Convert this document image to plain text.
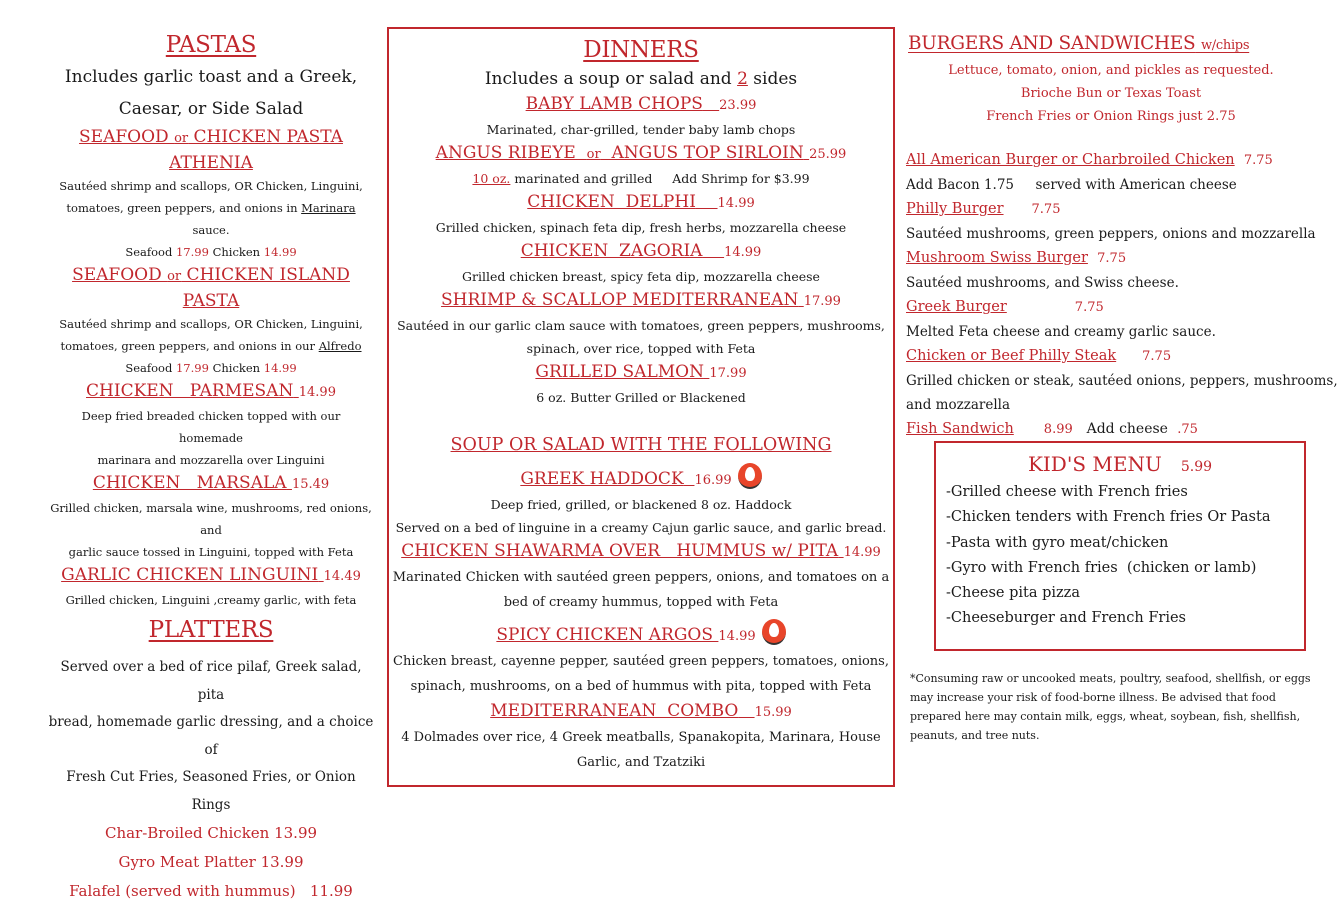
PASTAS
Includes garlic toast and a Greek,
Caesar, or Side Salad
SEAFOOD or CHICKEN PASTA
ATHENIA
Sautéed shrimp and scallops, OR Chicken, Linguini,
tomatoes, green peppers, and onions in Marinara sauce.
Seafood 17.99 Chicken 14.99
SEAFOOD or CHICKEN ISLAND
PASTA
Sautéed shrimp and scallops, OR Chicken, Linguini,
tomatoes, green peppers, and onions in our Alfredo
Seafood 17.99 Chicken 14.99
CHICKEN   PARMESAN 14.99
Deep fried breaded chicken topped with our homemade
marinara and mozzarella over Linguini
CHICKEN   MARSALA 15.49
Grilled chicken, marsala wine, mushrooms, red onions, and
garlic sauce tossed in Linguini, topped with Feta
GARLIC CHICKEN LINGUINI 14.49
Grilled chicken, Linguini ,creamy garlic, with feta
PLATTERS
Served over a bed of rice pilaf, Greek salad, pita
bread, homemade garlic dressing, and a choice of
Fresh Cut Fries, Seasoned Fries, or Onion Rings
Char-Broiled Chicken 13.99
Gyro Meat Platter 13.99
Falafel (served with hummus)   11.99
DINNERS
Includes a soup or salad and 2 sides
BABY LAMB CHOPS 23.99
Marinated, char-grilled, tender baby lamb chops
ANGUS RIBEYE  or  ANGUS TOP SIRLOIN 25.99
10 oz. marinated and grilled     Add Shrimp for $3.99
CHICKEN  DELPHI 14.99
Grilled chicken, spinach feta dip, fresh herbs, mozzarella cheese
CHICKEN  ZAGORIA 14.99
Grilled chicken breast, spicy feta dip, mozzarella cheese
SHRIMP & SCALLOP MEDITERRANEAN 17.99
Sautéed in our garlic clam sauce with tomatoes, green peppers, mushrooms,
spinach, over rice, topped with Feta
GRILLED SALMON 17.99
6 oz. Butter Grilled or Blackened
SOUP OR SALAD WITH THE FOLLOWING
GREEK HADDOCK 16.99
Deep fried, grilled, or blackened 8 oz. Haddock
Served on a bed of linguine in a creamy Cajun garlic sauce, and garlic bread.
CHICKEN SHAWARMA OVER   HUMMUS w/ PITA 14.99
Marinated Chicken with sautéed green peppers, onions, and tomatoes on a
bed of creamy hummus, topped with Feta
SPICY CHICKEN ARGOS 14.99
Chicken breast, cayenne pepper, sautéed green peppers, tomatoes, onions,
spinach, mushrooms, on a bed of hummus with pita, topped with Feta
MEDITERRANEAN  COMBO 15.99
4 Dolmades over rice, 4 Greek meatballs, Spanakopita, Marinara, House
Garlic, and Tzatziki
BURGERS AND SANDWICHES w/chips
Lettuce, tomato, onion, and pickles as requested.
Brioche Bun or Texas Toast
French Fries or Onion Rings just 2.75
All American Burger or Charbroiled Chicken 7.75
Add Bacon 1.75     served with American cheese
Philly Burger 7.75
Sautéed mushrooms, green peppers, onions and mozzarella
Mushroom Swiss Burger 7.75
Sautéed mushrooms, and Swiss cheese.
Greek Burger	7.75
Melted Feta cheese and creamy garlic sauce.
Chicken or Beef Philly Steak 7.75
Grilled chicken or steak, sautéed onions, peppers, mushrooms,
and mozzarella
Fish Sandwich 8.99 Add cheese .75
KID'S MENU 5.99
-Grilled cheese with French fries
-Chicken tenders with French fries Or Pasta
-Pasta with gyro meat/chicken
-Gyro with French fries  (chicken or lamb)
-Cheese pita pizza
-Cheeseburger and French Fries
*Consuming raw or uncooked meats, poultry, seafood, shellfish, or eggs
may increase your risk of food-borne illness. Be advised that food
prepared here may contain milk, eggs, wheat, soybean, fish, shellfish,
peanuts, and tree nuts.
